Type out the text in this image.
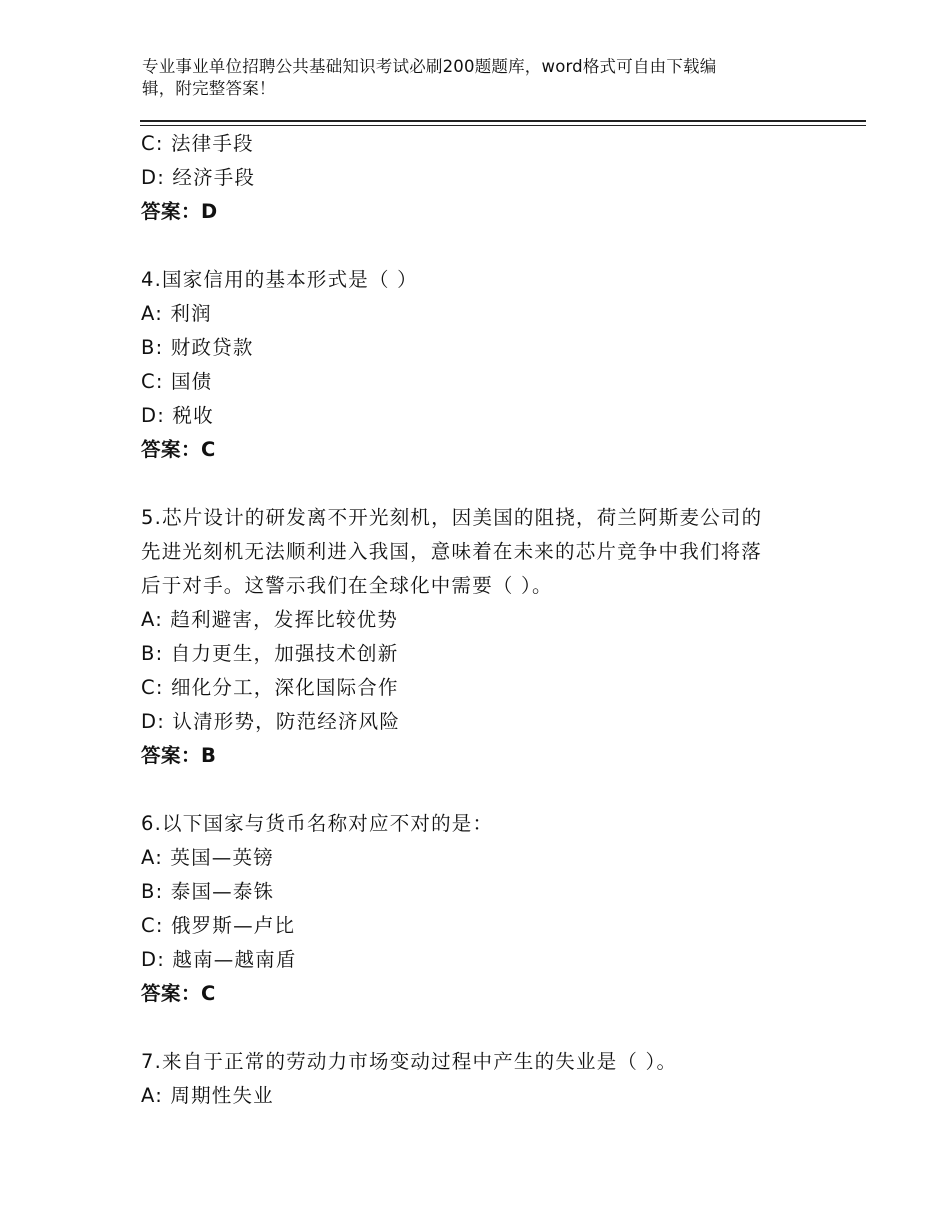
专业事业单位招聘公共基础知识考试必刷200题题库，word格式可自由下载编
辑，附完整答案！
C: 法律手段
D: 经济手段
答案：D
4.国家信用的基本形式是（ ）
A: 利润
B: 财政贷款
C: 国债
D: 税收
答案：C
5.芯片设计的研发离不开光刻机，因美国的阻挠，荷兰阿斯麦公司的
先进光刻机无法顺利进入我国，意味着在未来的芯片竞争中我们将落
后于对手。这警示我们在全球化中需要（ ）。
A: 趋利避害，发挥比较优势
B: 自力更生，加强技术创新
C: 细化分工，深化国际合作
D: 认清形势，防范经济风险
答案：B
6.以下国家与货币名称对应不对的是：
A: 英国—英镑
B: 泰国—泰铢
C: 俄罗斯—卢比
D: 越南—越南盾
答案：C
7.来自于正常的劳动力市场变动过程中产生的失业是（ ）。
A: 周期性失业
